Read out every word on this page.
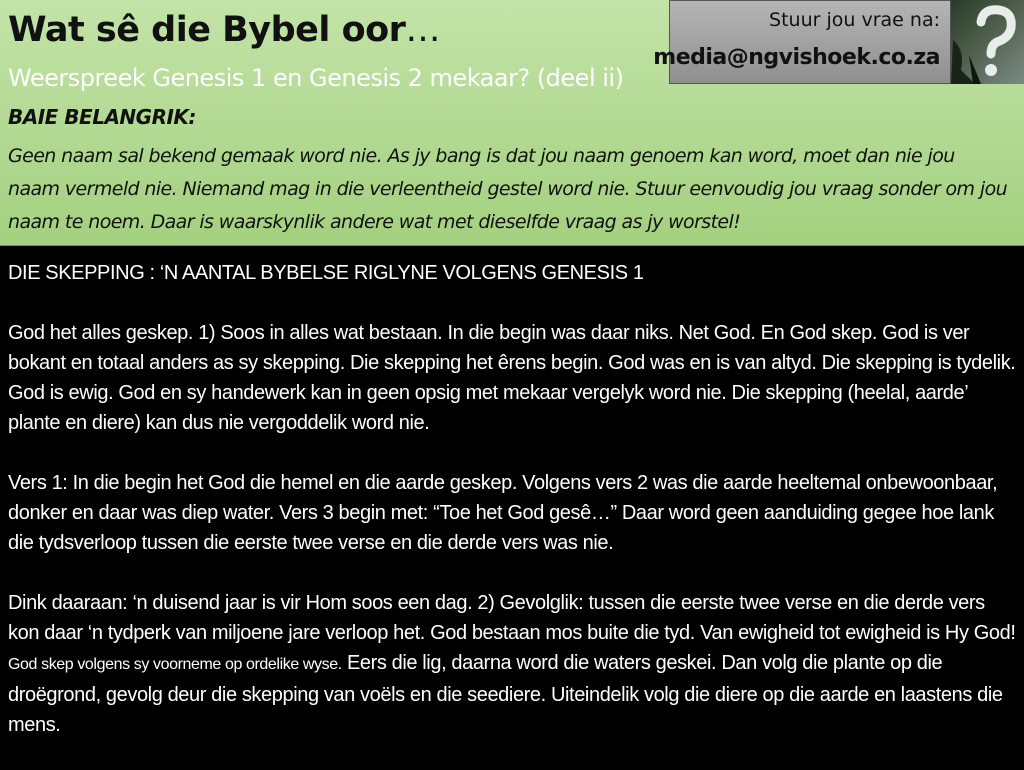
Wat sê die Bybel oor…
Weerspreek Genesis 1 en Genesis 2 mekaar? (deel ii)
BAIE BELANGRIK:
Geen naam sal bekend gemaak word nie. As jy bang is dat jou naam genoem kan word, moet dan nie jou naam vermeld nie. Niemand mag in die verleentheid gestel word nie. Stuur eenvoudig jou vraag sonder om jou naam te noem. Daar is waarskynlik andere wat met dieselfde vraag as jy worstel!
Stuur jou vrae na:
media@ngvishoek.co.za
DIE SKEPPING : ‘N AANTAL BYBELSE RIGLYNE VOLGENS GENESIS 1

God het alles geskep. 1) Soos in alles wat bestaan. In die begin was daar niks. Net God. En God skep. God is ver bokant en totaal anders as sy skepping. Die skepping het êrens begin. God was en is van altyd. Die skepping is tydelik. God is ewig. God en sy handewerk kan in geen opsig met mekaar vergelyk word nie. Die skepping (heelal, aarde’ plante en diere) kan dus nie vergoddelik word nie.

Vers 1: In die begin het God die hemel en die aarde geskep. Volgens vers 2 was die aarde heeltemal onbewoonbaar, donker en daar was diep water. Vers 3 begin met: “Toe het God gesê…” Daar word geen aanduiding gegee hoe lank die tydsverloop tussen die eerste twee verse en die derde vers was nie.

Dink daaraan: ‘n duisend jaar is vir Hom soos een dag. 2) Gevolglik: tussen die eerste twee verse en die derde vers kon daar ‘n tydperk van miljoene jare verloop het. God bestaan mos buite die tyd. Van ewigheid tot ewigheid is Hy God! God skep volgens sy voorneme op ordelike wyse. Eers die lig, daarna word die waters geskei. Dan volg die plante op die droëgrond, gevolg deur die skepping van voëls en die seediere. Uiteindelik volg die diere op die aarde en laastens die mens.
